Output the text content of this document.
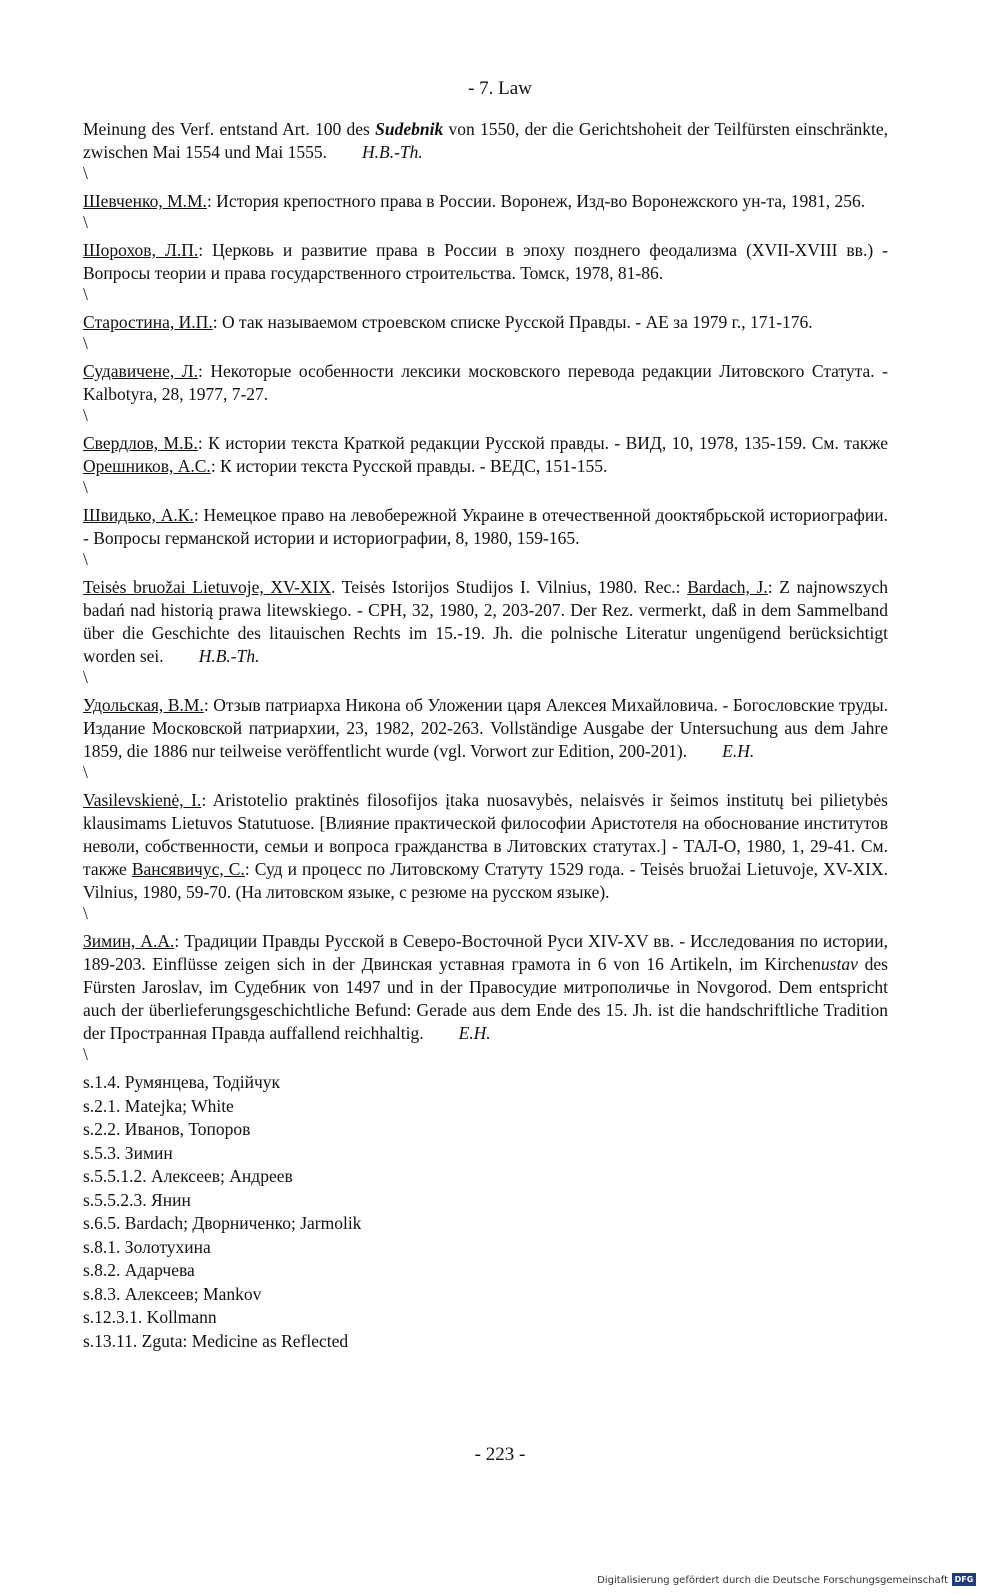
- 7. Law

Meinung des Verf. entstand Art. 100 des Sudebnik von 1550, der die Gerichtshoheit der Teilfürsten einschränkte, zwischen Mai 1554 und Mai 1555. H.B.-Th.

\

Шевченко, М.М.: История крепостного права в России. Воронеж, Изд-во Воронежского ун-та, 1981, 256.

\

Шорохов, Л.П.: Церковь и развитие права в России в эпоху позднего феодализма (XVII-XVIII вв.) - Вопросы теории и права государственного строительства. Томск, 1978, 81-86.

\

Старостина, И.П.: О так называемом строевском списке Русской Правды. - АЕ за 1979 г., 171-176.

\

Судавичене, Л.: Некоторые особенности лексики московского перевода редакции Литовского Статута. - Kalbotyra, 28, 1977, 7-27.

\

Свердлов, М.Б.: К истории текста Краткой редакции Русской правды. - ВИД, 10, 1978, 135-159. См. также Орешников, А.С.: К истории текста Русской правды. - ВЕДС, 151-155.

\

Швидько, А.К.: Немецкое право на левобережной Украине в отечественной доoктябрьской историографии. - Вопросы германской истории и историографии, 8, 1980, 159-165.

\

Teisės bruožai Lietuvoje, XV-XIX. Teisės Istorijos Studijos I. Vilnius, 1980. Rec.: Bardach, J.: Z najnowszych badań nad historią prawa litewskiego. - CPH, 32, 1980, 2, 203-207. Der Rez. vermerkt, daß in dem Sammelband über die Geschichte des litauischen Rechts im 15.-19. Jh. die polnische Literatur ungenügend berücksichtigt worden sei. H.B.-Th.

\

Удольская, В.М.: Отзыв патриарха Никона об Уложении царя Алексея Михайловича. - Богословские труды. Издание Московской патриархии, 23, 1982, 202-263. Vollständige Ausgabe der Untersuchung aus dem Jahre 1859, die 1886 nur teilweise veröffentlicht wurde (vgl. Vorwort zur Edition, 200-201). E.H.

\

Vasilevskienė, I.: Aristotelio praktinės filosofijos įtaka nuosavybės, nelaisvės ir šeimos institutų bei pilietybės klausimams Lietuvos Statutuose. [Влияние практической философии Аристотеля на обоснование институтов неволи, собственности, семьи и вопроса гражданства в Литовских статутах.] - ТАЛ-О, 1980, 1, 29-41. См. также Вансявичус, С.: Суд и процесс по Литовскому Статуту 1529 года. - Teisės bruožai Lietuvoje, XV-XIX. Vilnius, 1980, 59-70. (На литовском языке, с резюме на русском языке).

\

Зимин, А.А.: Традиции Правды Русской в Северо-Восточной Руси XIV-XV вв. - Исследования по истории, 189-203. Einflüsse zeigen sich in der Двинская уставная грамота in 6 von 16 Artikeln, im Kirchenustav des Fürsten Jaroslav, im Судебник von 1497 und in der Правосудие митрополичье in Novgorod. Dem entspricht auch der überlieferungsgeschichtliche Befund: Gerade aus dem Ende des 15. Jh. ist die handschriftliche Tradition der Пространная Правда auffallend reichhaltig. E.H.

\

s.1.4. Румянцева, Тодійчук
s.2.1. Matejka; White
s.2.2. Иванов, Топоров
s.5.3. Зимин
s.5.5.1.2. Алексеев; Андреев
s.5.5.2.3. Янин
s.6.5. Bardach; Дворниченко; Jarmolik
s.8.1. Золотухина
s.8.2. Адарчева
s.8.3. Алексеев; Mankov
s.12.3.1. Kollmann
s.13.11. Zguta: Medicine as Reflected
- 223 -
Digitalisierung gefördert durch die Deutsche Forschungsgemeinschaft DFG
